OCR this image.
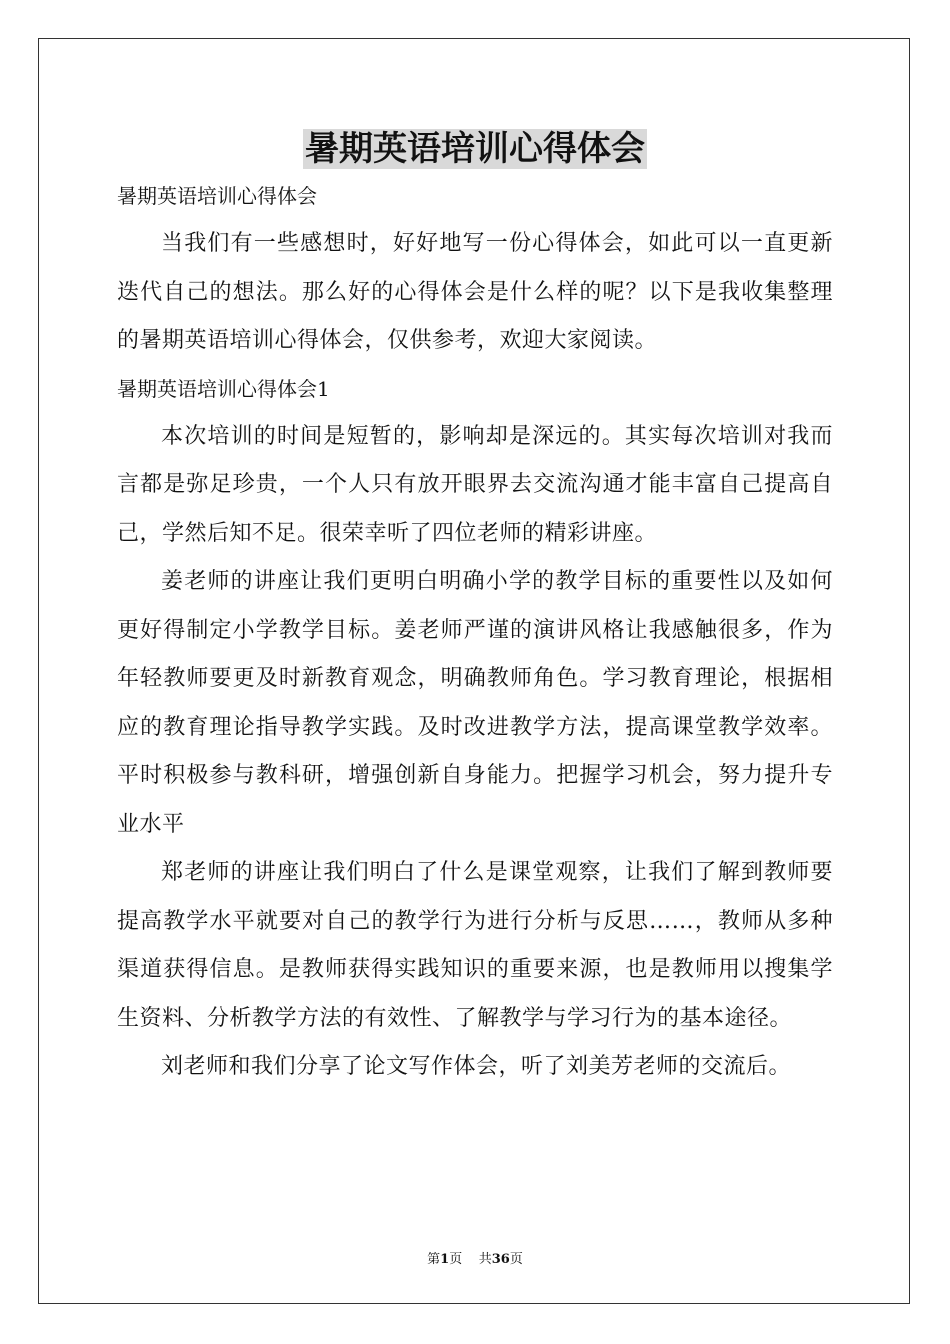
暑期英语培训心得体会
暑期英语培训心得体会

当我们有一些感想时，好好地写一份心得体会，如此可以一直更新迭代自己的想法。那么好的心得体会是什么样的呢？以下是我收集整理的暑期英语培训心得体会，仅供参考，欢迎大家阅读。

暑期英语培训心得体会1

本次培训的时间是短暂的，影响却是深远的。其实每次培训对我而言都是弥足珍贵，一个人只有放开眼界去交流沟通才能丰富自己提高自己，学然后知不足。很荣幸听了四位老师的精彩讲座。

姜老师的讲座让我们更明白明确小学的教学目标的重要性以及如何更好得制定小学教学目标。姜老师严谨的演讲风格让我感触很多，作为年轻教师要更及时新教育观念，明确教师角色。学习教育理论，根据相应的教育理论指导教学实践。及时改进教学方法，提高课堂教学效率。平时积极参与教科研，增强创新自身能力。把握学习机会，努力提升专业水平

郑老师的讲座让我们明白了什么是课堂观察，让我们了解到教师要提高教学水平就要对自己的教学行为进行分析与反思……，教师从多种渠道获得信息。是教师获得实践知识的重要来源，也是教师用以搜集学生资料、分析教学方法的有效性、了解教学与学习行为的基本途径。

刘老师和我们分享了论文写作体会，听了刘美芳老师的交流后。

第1页 共36页
